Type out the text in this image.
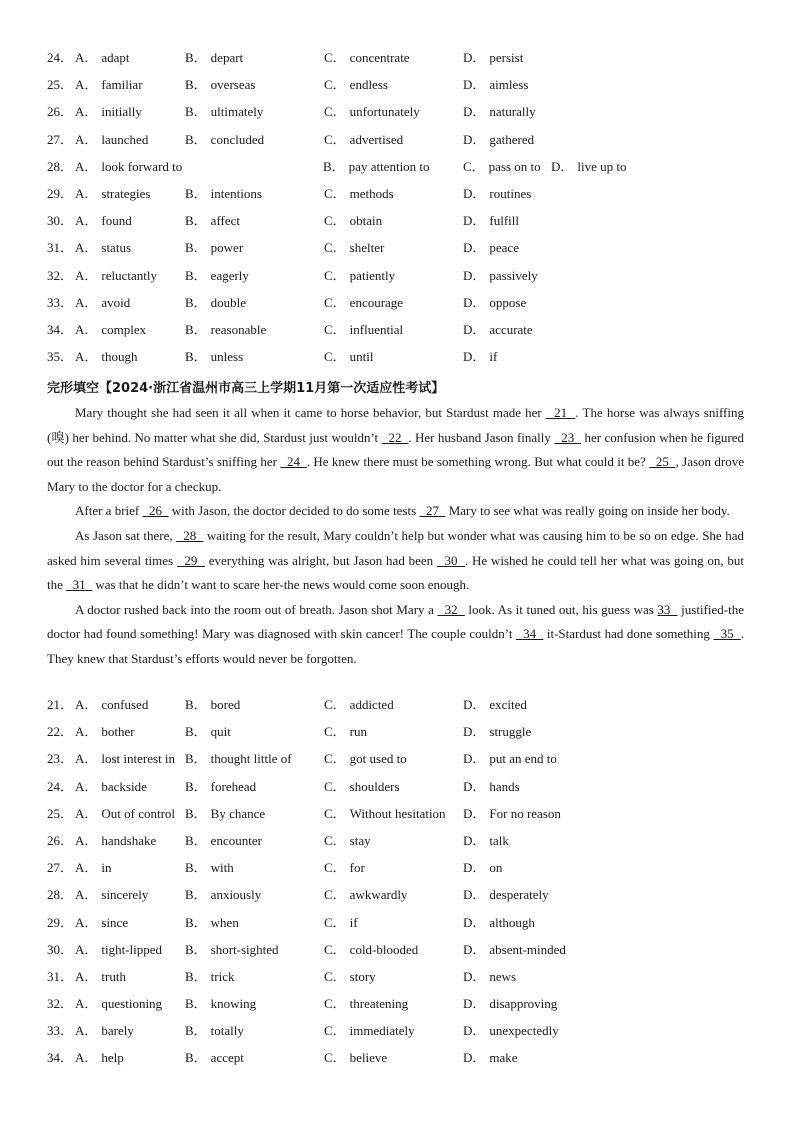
24． A． adapt	B． depart	C． concentrate	D． persist
25． A． familiar	B． overseas	C． endless	D． aimless
26． A． initially	B． ultimately	C． unfortunately	D． naturally
27． A． launched	B． concluded	C． advertised	D． gathered
28． A． look forward to	B． pay attention to	C． pass on to D． live up to
29． A． strategies	B． intentions	C． methods	D． routines
30． A． found	B． affect	C． obtain	D． fulfill
31． A． status	B． power	C． shelter	D． peace
32． A． reluctantly B． eagerly	C． patiently	D． passively
33． A． avoid	B． double	C． encourage	D． oppose
34． A． complex	B． reasonable	C． influential	D． accurate
35． A． though	B． unless	C． until	D． if
完形填空【2024·浙江省温州市高三上学期11月第一次适应性考试】

Mary thought she had seen it all when it came to horse behavior, but Stardust made her   21  . The horse was always sniffing (嗅) her behind. No matter what she did, Stardust just wouldn’t   22  . Her husband Jason finally   23   her confusion when he figured out the reason behind Stardust’s sniffing her   24  . He knew there must be something wrong. But what could it be?   25  , Jason drove Mary to the doctor for a checkup.

After a brief   26   with Jason, the doctor decided to do some tests   27   Mary to see what was really going on inside her body.

As Jason sat there,   28   waiting for the result, Mary couldn’t help but wonder what was causing him to be so on edge. She had asked him several times   29   everything was alright, but Jason had been   30  . He wished he could tell her what was going on, but the   31   was that he didn’t want to scare her-the news would come soon enough.

A doctor rushed back into the room out of breath. Jason shot Mary a   32   look. As it tuned out, his guess was 33   justified-the doctor had found something! Mary was diagnosed with skin cancer! The couple couldn’t   34   it-Stardust had done something   35  . They knew that Stardust’s efforts would never be forgotten.

21． A． confused	B． bored	C． addicted	D． excited
22． A． bother	B． quit	C． run	D． struggle
23． A． lost interest in B． thought little of C． got used to	D． put an end to
24． A． backside	B． forehead	C． shoulders	D． hands
25． A． Out of control B． By chance	C． Without hesitation D． For no reason
26． A． handshake B． encounter	C． stay	D． talk
27． A． in	B． with	C． for	D． on
28． A． sincerely	B． anxiously	C． awkwardly	D． desperately
29． A． since	B． when	C． if	D． although
30． A． tight-lipped B． short-sighted	C． cold-blooded	D． absent-minded
31． A． truth	B． trick	C． story	D． news
32． A． questioning B． knowing	C． threatening	D． disapproving
33． A． barely	B． totally	C． immediately	D． unexpectedly
34． A． help	B． accept	C． believe	D． make
